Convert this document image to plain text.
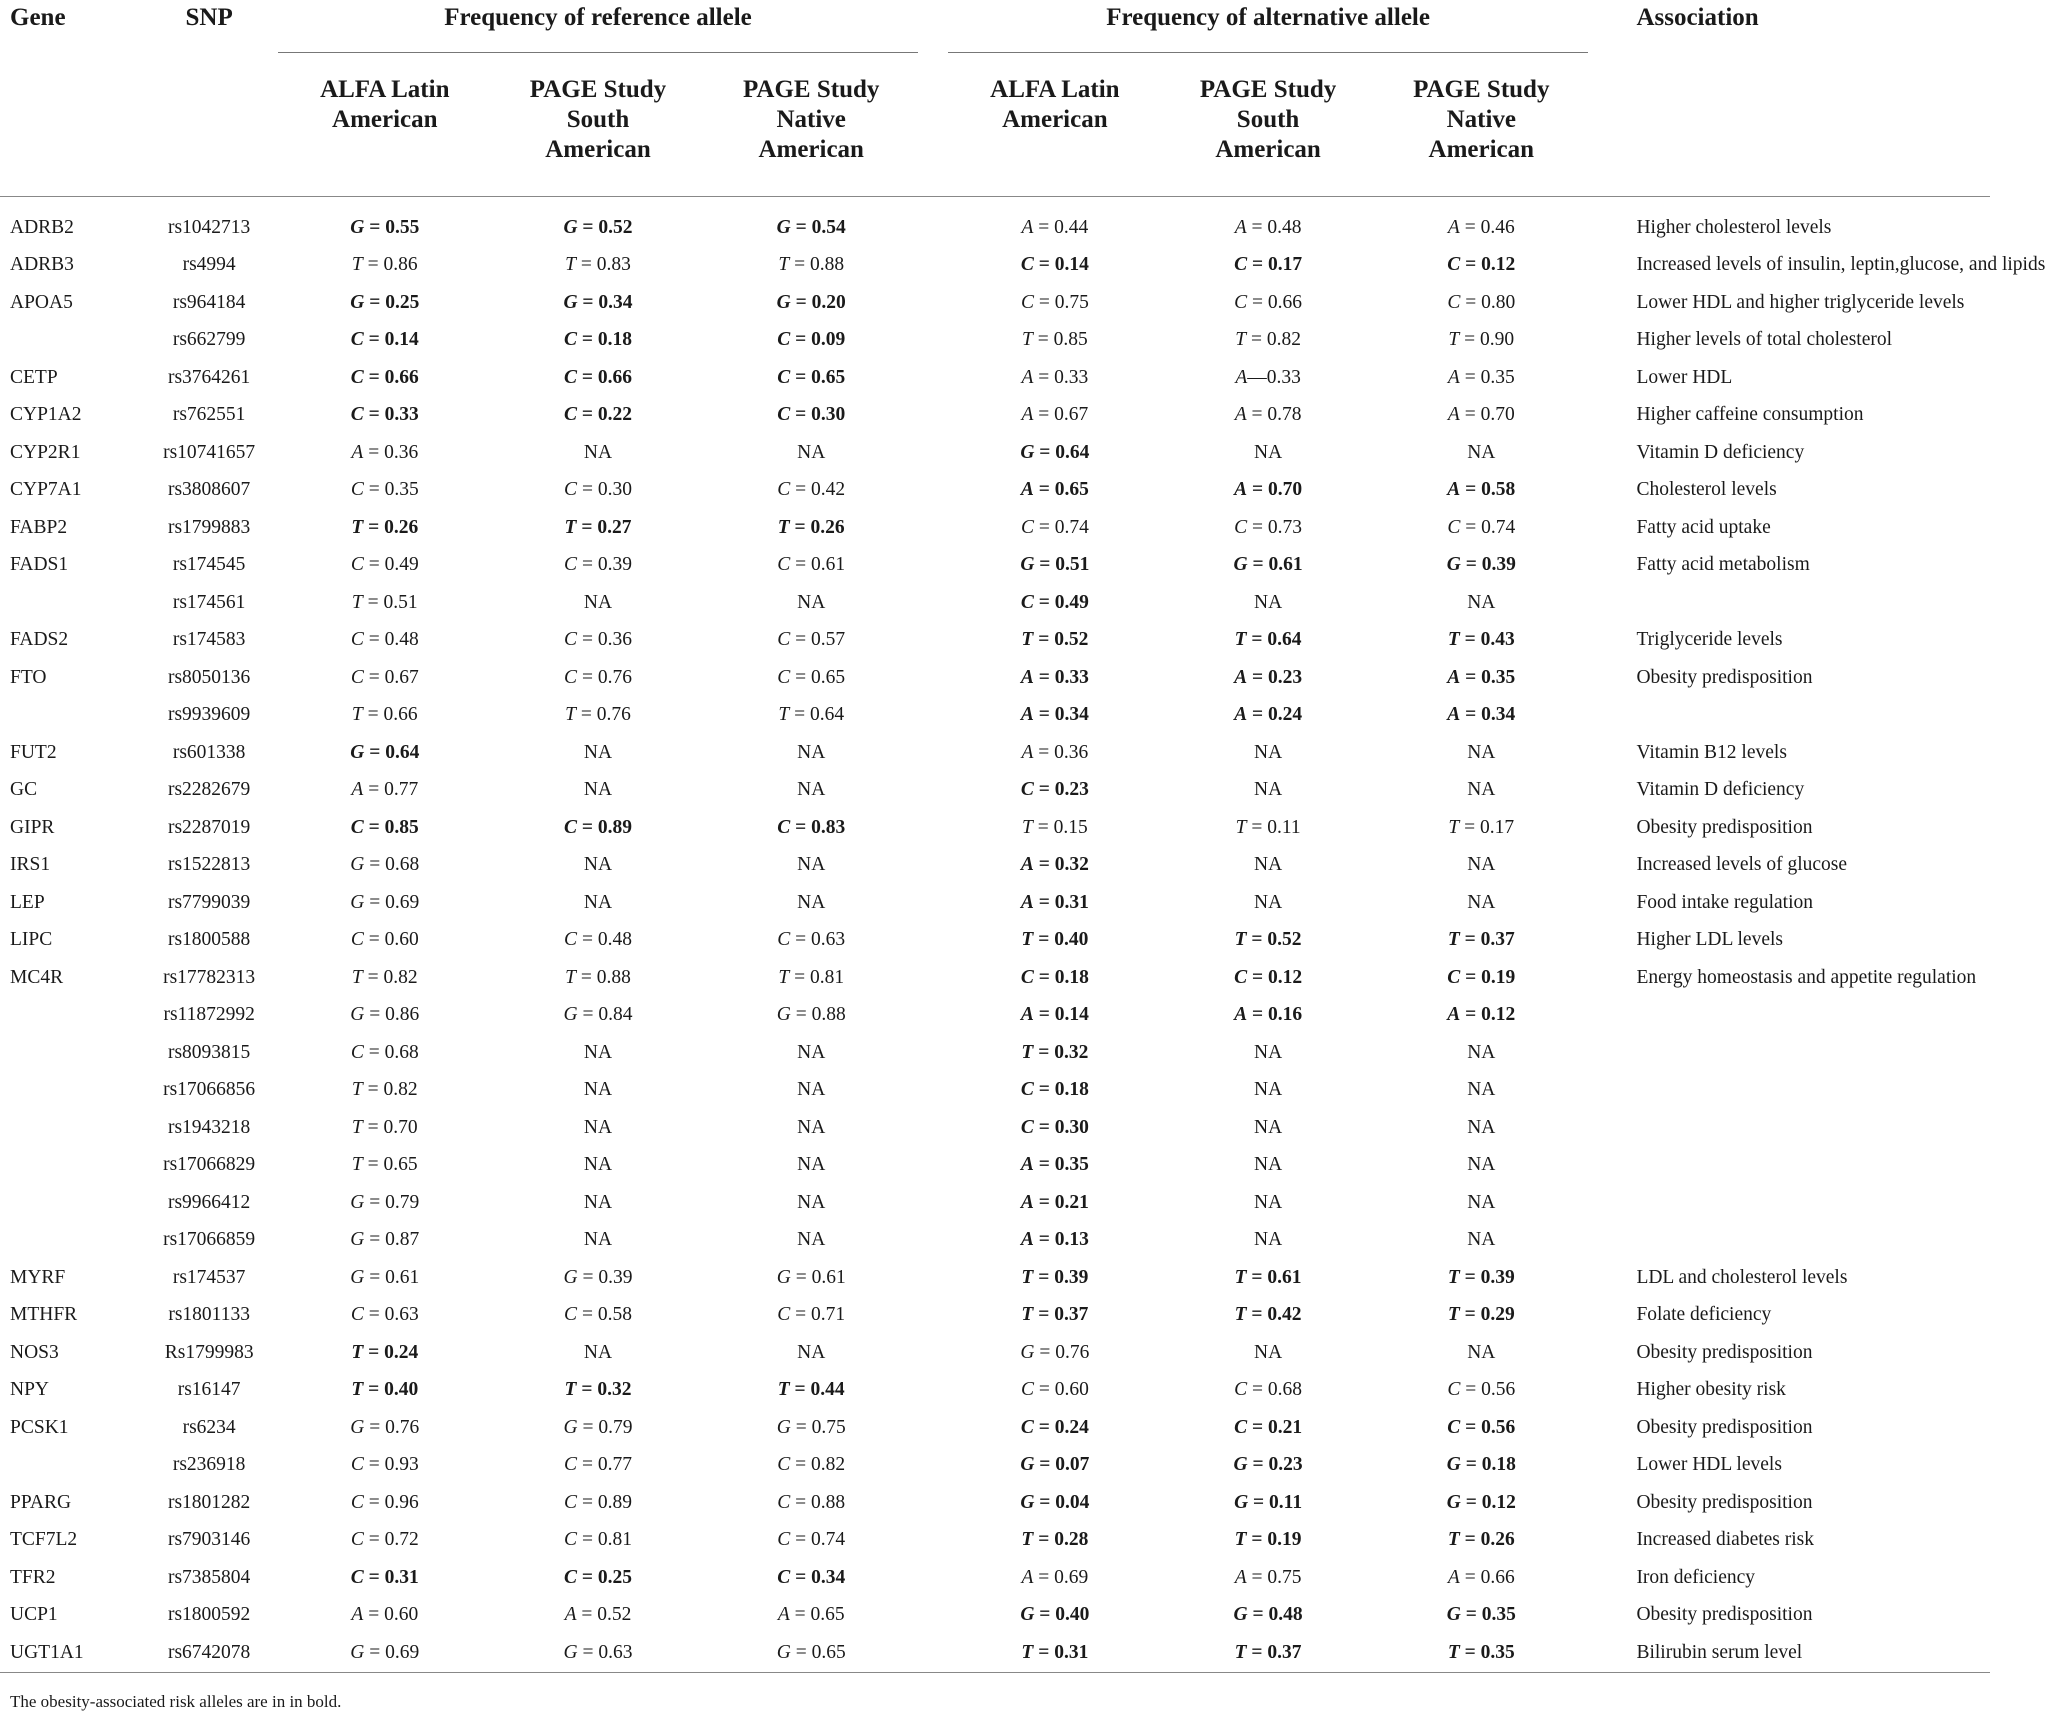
Gene	SNP	Frequency of reference allele				Frequency of alternative allele				Association

		ALFA Latin American	PAGE Study South American	PAGE Study Native American		ALFA Latin American	PAGE Study South American	PAGE Study Native American		

ADRB2	rs1042713	G = 0.55	G = 0.52	G = 0.54		A = 0.44	A = 0.48	A = 0.46		Higher cholesterol levels
ADRB3	rs4994	T = 0.86	T = 0.83	T = 0.88		C = 0.14	C = 0.17	C = 0.12		Increased levels of insulin, leptin,glucose, and lipids
APOA5	rs964184	G = 0.25	G = 0.34	G = 0.20		C = 0.75	C = 0.66	C = 0.80		Lower HDL and higher triglyceride levels
	rs662799	C = 0.14	C = 0.18	C = 0.09		T = 0.85	T = 0.82	T = 0.90		Higher levels of total cholesterol
CETP	rs3764261	C = 0.66	C = 0.66	C = 0.65		A = 0.33	A—0.33	A = 0.35		Lower HDL
CYP1A2	rs762551	C = 0.33	C = 0.22	C = 0.30		A = 0.67	A = 0.78	A = 0.70		Higher caffeine consumption
CYP2R1	rs10741657	A = 0.36	NA	NA		G = 0.64	NA	NA		Vitamin D deficiency
CYP7A1	rs3808607	C = 0.35	C = 0.30	C = 0.42		A = 0.65	A = 0.70	A = 0.58		Cholesterol levels
FABP2	rs1799883	T = 0.26	T = 0.27	T = 0.26		C = 0.74	C = 0.73	C = 0.74		Fatty acid uptake
FADS1	rs174545	C = 0.49	C = 0.39	C = 0.61		G = 0.51	G = 0.61	G = 0.39		Fatty acid metabolism
	rs174561	T = 0.51	NA	NA		C = 0.49	NA	NA		
FADS2	rs174583	C = 0.48	C = 0.36	C = 0.57		T = 0.52	T = 0.64	T = 0.43		Triglyceride levels
FTO	rs8050136	C = 0.67	C = 0.76	C = 0.65		A = 0.33	A = 0.23	A = 0.35		Obesity predisposition
	rs9939609	T = 0.66	T = 0.76	T = 0.64		A = 0.34	A = 0.24	A = 0.34		
FUT2	rs601338	G = 0.64	NA	NA		A = 0.36	NA	NA		Vitamin B12 levels
GC	rs2282679	A = 0.77	NA	NA		C = 0.23	NA	NA		Vitamin D deficiency
GIPR	rs2287019	C = 0.85	C = 0.89	C = 0.83		T = 0.15	T = 0.11	T = 0.17		Obesity predisposition
IRS1	rs1522813	G = 0.68	NA	NA		A = 0.32	NA	NA		Increased levels of glucose
LEP	rs7799039	G = 0.69	NA	NA		A = 0.31	NA	NA		Food intake regulation
LIPC	rs1800588	C = 0.60	C = 0.48	C = 0.63		T = 0.40	T = 0.52	T = 0.37		Higher LDL levels
MC4R	rs17782313	T = 0.82	T = 0.88	T = 0.81		C = 0.18	C = 0.12	C = 0.19		Energy homeostasis and appetite regulation
	rs11872992	G = 0.86	G = 0.84	G = 0.88		A = 0.14	A = 0.16	A = 0.12		
	rs8093815	C = 0.68	NA	NA		T = 0.32	NA	NA		
	rs17066856	T = 0.82	NA	NA		C = 0.18	NA	NA		
	rs1943218	T = 0.70	NA	NA		C = 0.30	NA	NA		
	rs17066829	T = 0.65	NA	NA		A = 0.35	NA	NA		
	rs9966412	G = 0.79	NA	NA		A = 0.21	NA	NA		
	rs17066859	G = 0.87	NA	NA		A = 0.13	NA	NA		
MYRF	rs174537	G = 0.61	G = 0.39	G = 0.61		T = 0.39	T = 0.61	T = 0.39		LDL and cholesterol levels
MTHFR	rs1801133	C = 0.63	C = 0.58	C = 0.71		T = 0.37	T = 0.42	T = 0.29		Folate deficiency
NOS3	Rs1799983	T = 0.24	NA	NA		G = 0.76	NA	NA		Obesity predisposition
NPY	rs16147	T = 0.40	T = 0.32	T = 0.44		C = 0.60	C = 0.68	C = 0.56		Higher obesity risk
PCSK1	rs6234	G = 0.76	G = 0.79	G = 0.75		C = 0.24	C = 0.21	C = 0.56		Obesity predisposition
	rs236918	C = 0.93	C = 0.77	C = 0.82		G = 0.07	G = 0.23	G = 0.18		Lower HDL levels
PPARG	rs1801282	C = 0.96	C = 0.89	C = 0.88		G = 0.04	G = 0.11	G = 0.12		Obesity predisposition
TCF7L2	rs7903146	C = 0.72	C = 0.81	C = 0.74		T = 0.28	T = 0.19	T = 0.26		Increased diabetes risk
TFR2	rs7385804	C = 0.31	C = 0.25	C = 0.34		A = 0.69	A = 0.75	A = 0.66		Iron deficiency
UCP1	rs1800592	A = 0.60	A = 0.52	A = 0.65		G = 0.40	G = 0.48	G = 0.35		Obesity predisposition
UGT1A1	rs6742078	G = 0.69	G = 0.63	G = 0.65		T = 0.31	T = 0.37	T = 0.35		Bilirubin serum level
The obesity-associated risk alleles are in in bold.										
